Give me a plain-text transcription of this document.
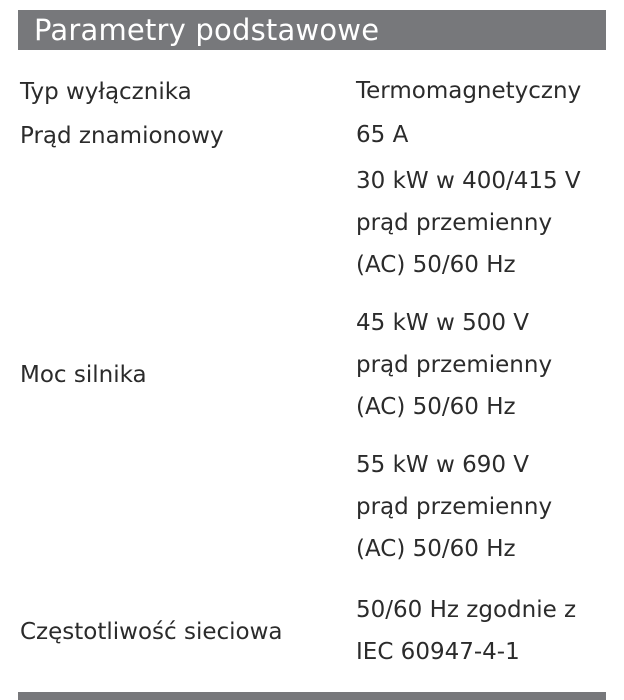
Parametry podstawowe
Typ wyłącznika	Termomagnetyczny
Prąd znamionowy	65 A
Moc silnika
30 kW w 400/415 V
prąd przemienny
(AC) 50/60 Hz
45 kW w 500 V
prąd przemienny
(AC) 50/60 Hz
55 kW w 690 V
prąd przemienny
(AC) 50/60 Hz
Częstotliwość sieciowa
50/60 Hz zgodnie z
IEC 60947-4-1
